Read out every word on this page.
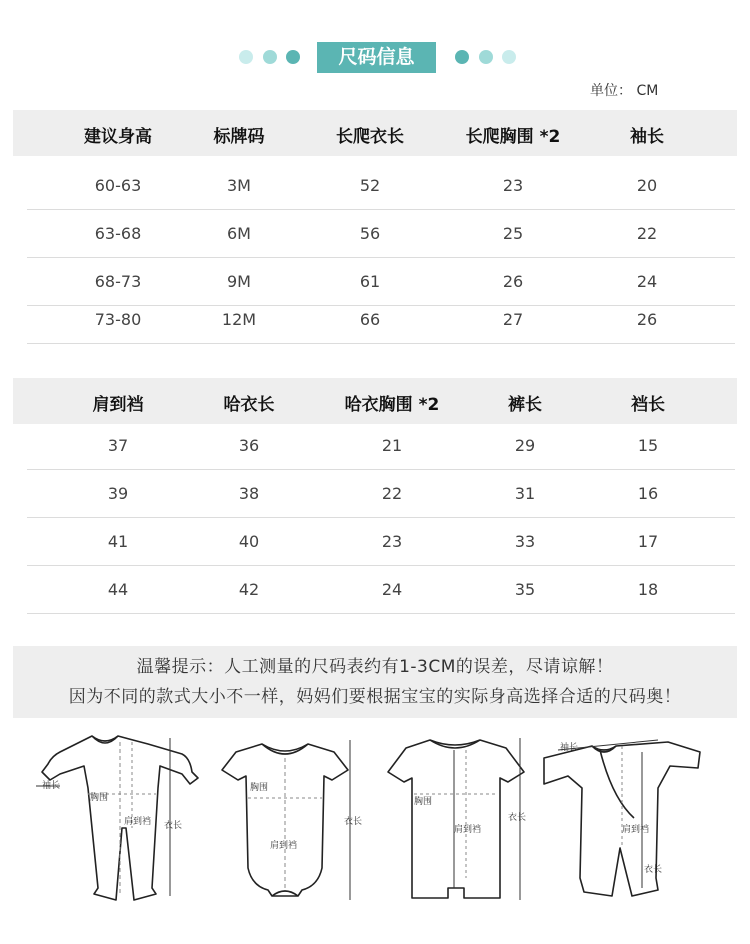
尺码信息
单位： CM
建议身高	标牌码	长爬衣长	长爬胸围 *2	袖长
60-63	3M	52	23	20
63-68	6M	56	25	22
68-73	9M	61	26	24
73-80	12M	66	27	26
肩到裆	哈衣长	哈衣胸围 *2	裤长	裆长
37	36	21	29	15
39	38	22	31	16
41	40	23	33	17
44	42	24	35	18
温馨提示：人工测量的尺码表约有1-3CM的误差，尽请谅解！
因为不同的款式大小不一样，妈妈们要根据宝宝的实际身高选择合适的尺码奥！
袖长
胸围
肩到裆 衣长
胸围
肩到裆
衣长
胸围
肩到裆
衣长
袖长
肩到裆
衣长
